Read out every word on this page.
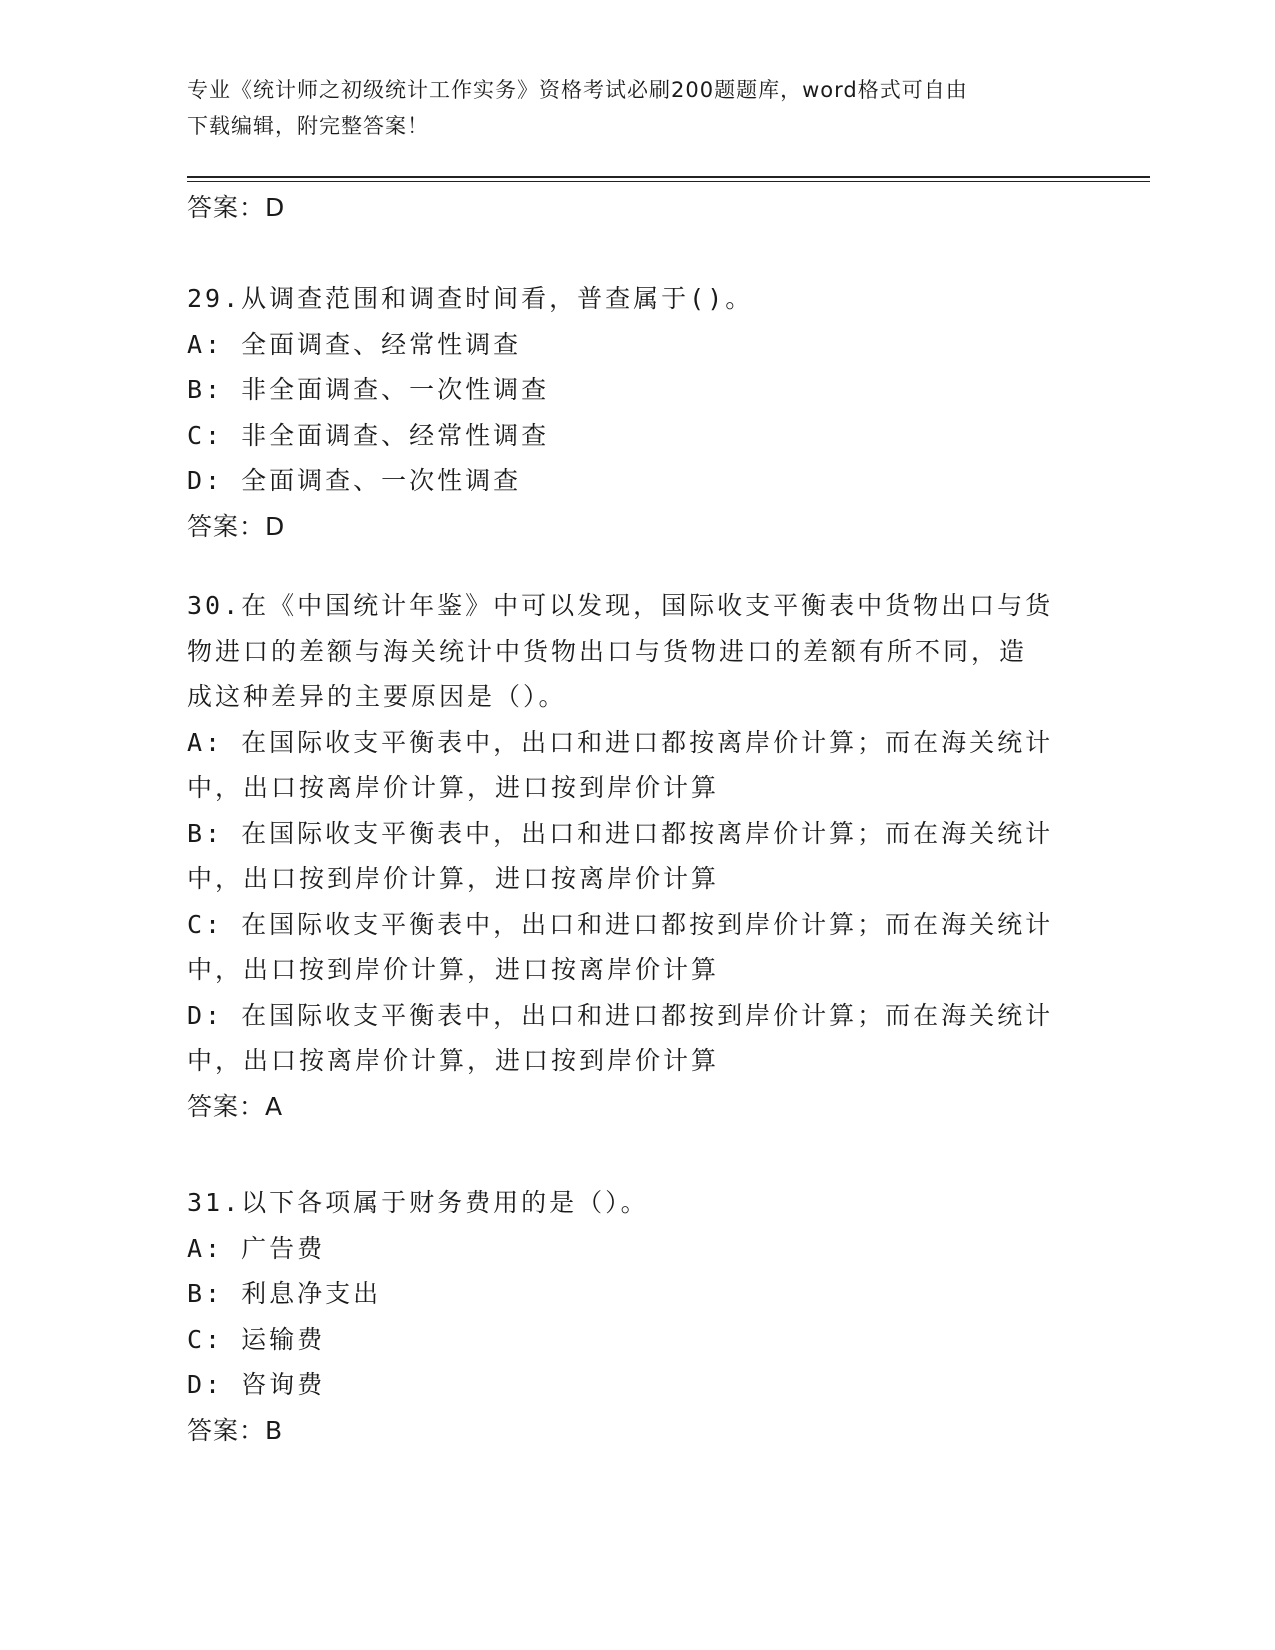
专业《统计师之初级统计工作实务》资格考试必刷200题题库，word格式可自由
下载编辑，附完整答案！
答案：D
29.从调查范围和调查时间看，普查属于()。
A: 全面调查、经常性调查
B: 非全面调查、一次性调查
C: 非全面调查、经常性调查
D: 全面调查、一次性调查
答案：D
30.在《中国统计年鉴》中可以发现，国际收支平衡表中货物出口与货
物进口的差额与海关统计中货物出口与货物进口的差额有所不同，造
成这种差异的主要原因是（）。
A: 在国际收支平衡表中，出口和进口都按离岸价计算；而在海关统计
中，出口按离岸价计算，进口按到岸价计算
B: 在国际收支平衡表中，出口和进口都按离岸价计算；而在海关统计
中，出口按到岸价计算，进口按离岸价计算
C: 在国际收支平衡表中，出口和进口都按到岸价计算；而在海关统计
中，出口按到岸价计算，进口按离岸价计算
D: 在国际收支平衡表中，出口和进口都按到岸价计算；而在海关统计
中，出口按离岸价计算，进口按到岸价计算
答案：A
31.以下各项属于财务费用的是（）。
A: 广告费
B: 利息净支出
C: 运输费
D: 咨询费
答案：B
